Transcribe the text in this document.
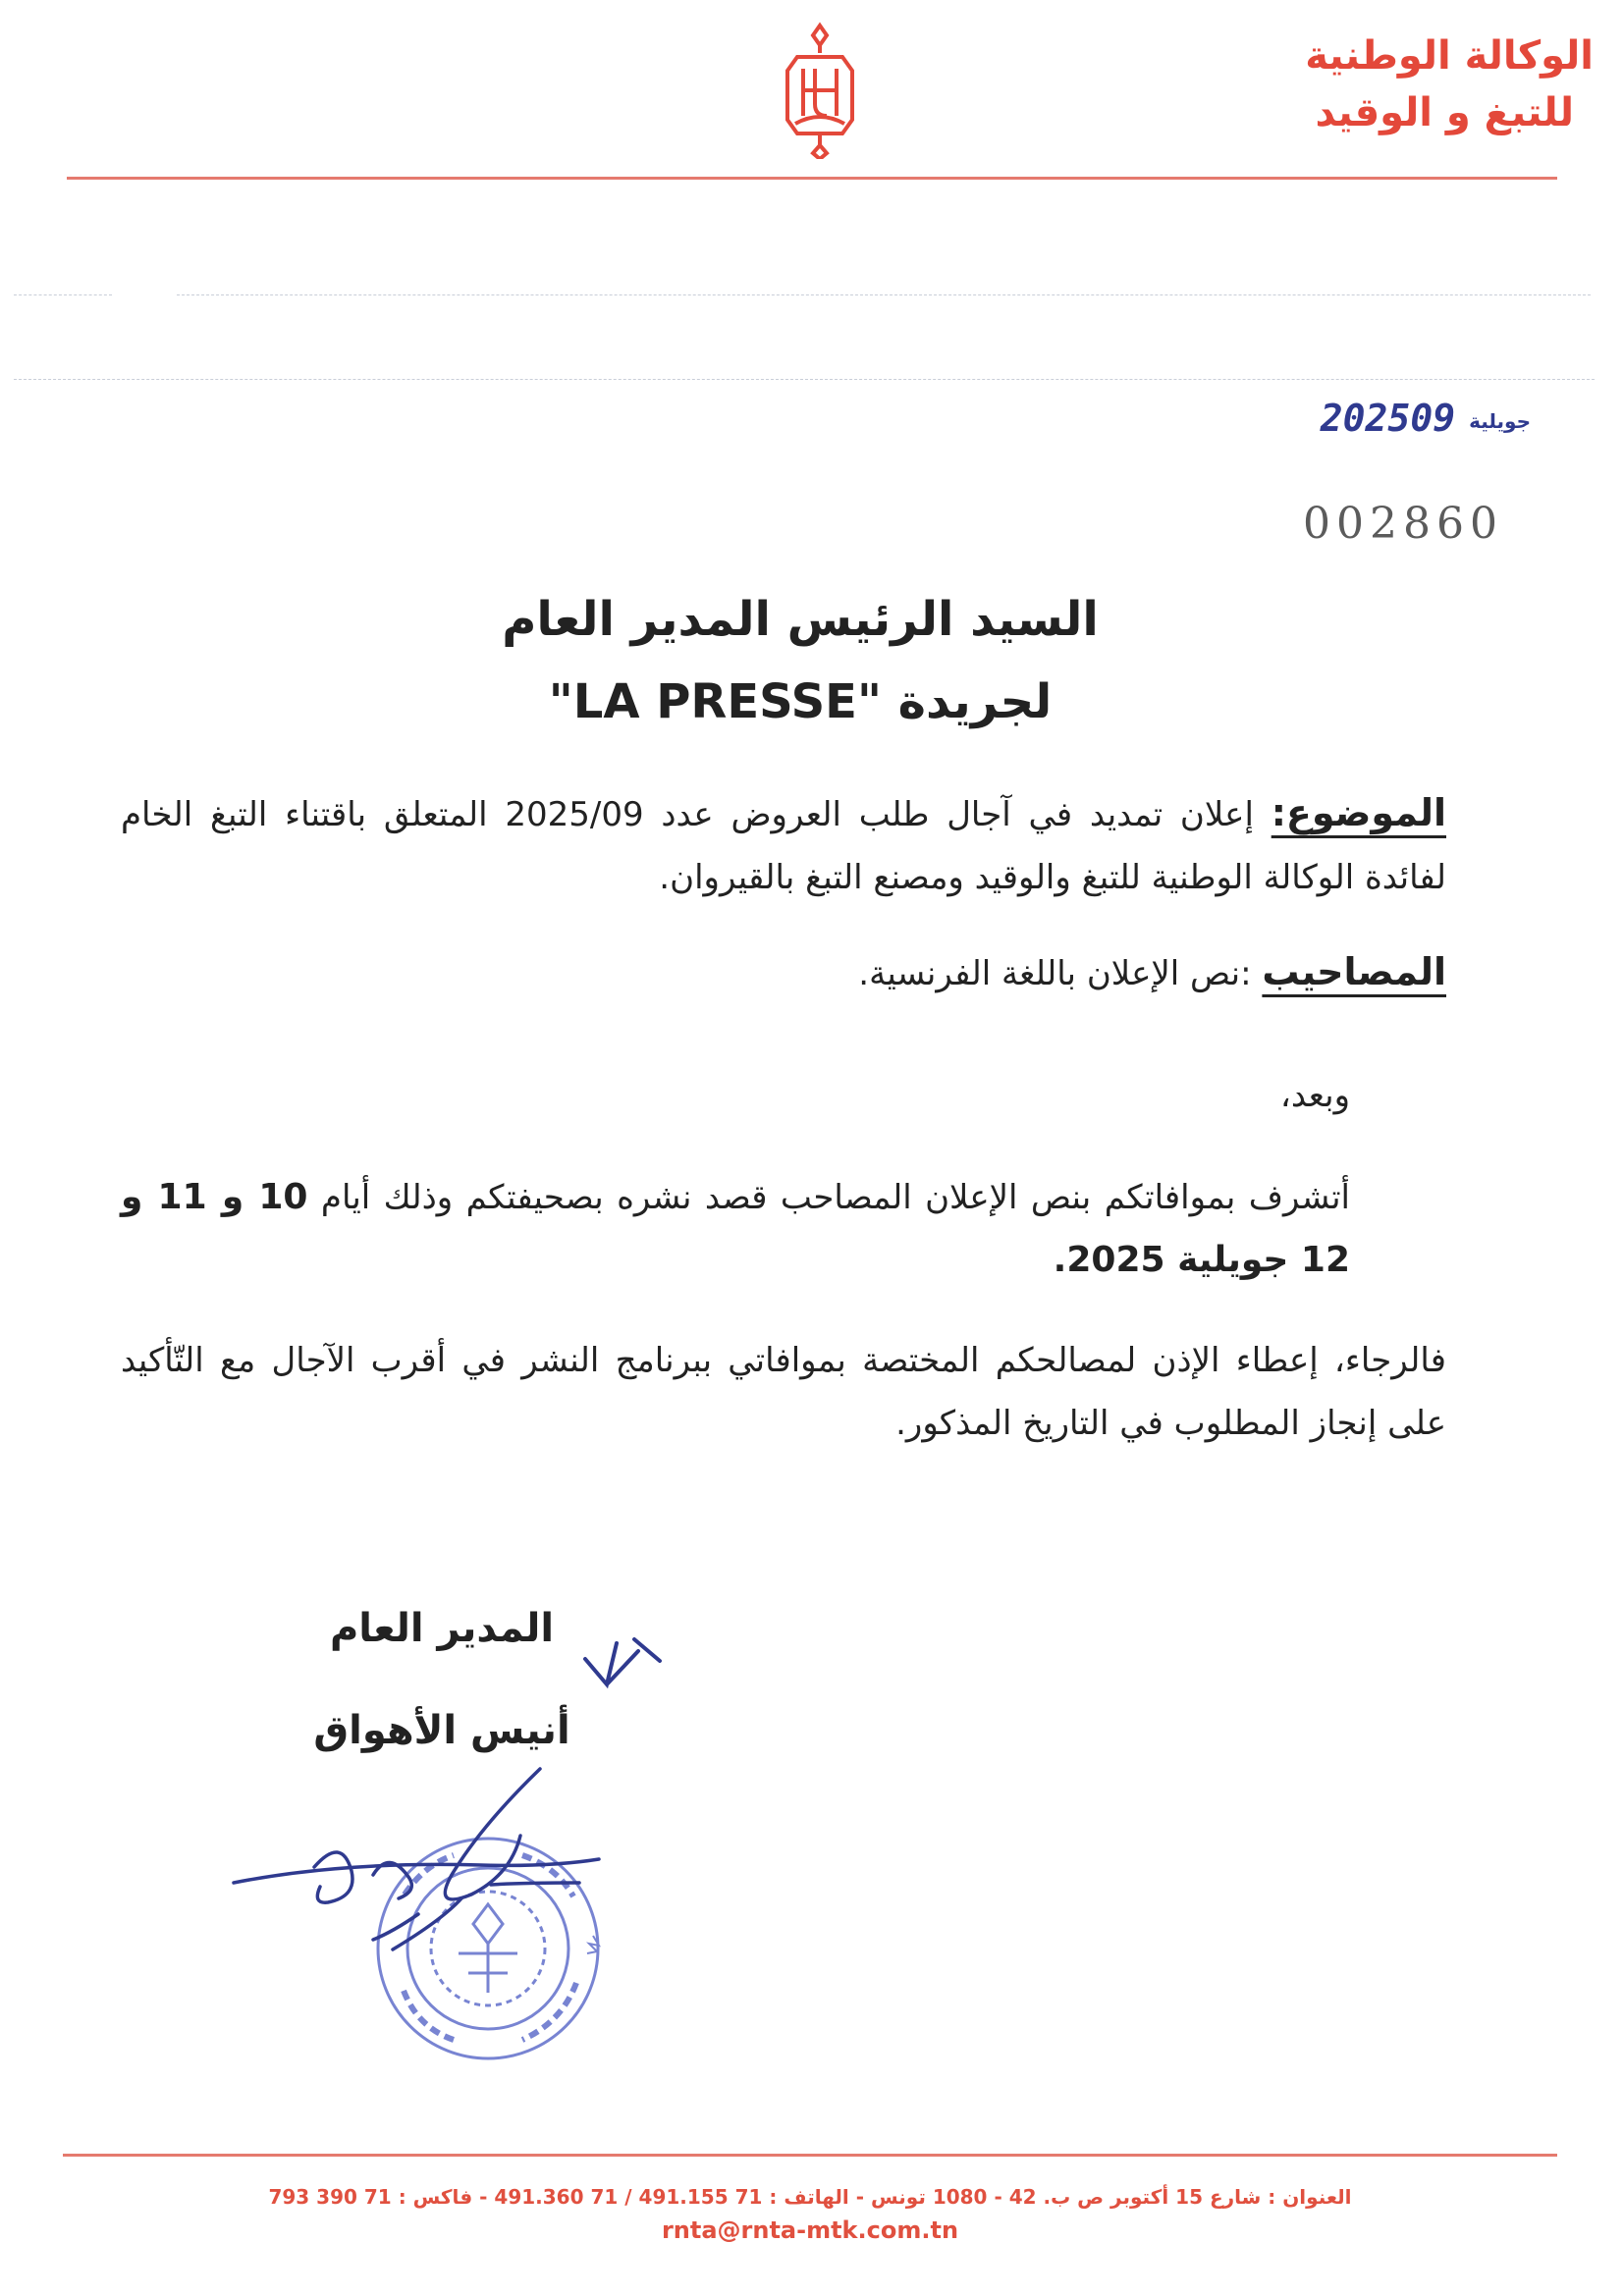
الوكالة الوطنية
للتبغ و الوقيد
2025	جويلية09
002860
السيد الرئيس المدير العام
لجريدة "LA PRESSE"
الموضوع: إعلان تمديد في آجال طلب العروض عدد 2025/09 المتعلق باقتناء التبغ الخام لفائدة الوكالة الوطنية للتبغ والوقيد ومصنع التبغ بالقيروان.
المصاحيب :نص الإعلان باللغة الفرنسية.
وبعد،
أتشرف بموافاتكم بنص الإعلان المصاحب قصد نشره بصحيفتكم وذلك أيام 10 و 11 و 12 جويلية 2025.
فالرجاء، إعطاء الإذن لمصالحكم المختصة بموافاتي ببرنامج النشر في أقرب الآجال مع التّأكيد على إنجاز المطلوب في التاريخ المذكور.
المدير العام
أنيس الأهواق
العنوان : شارع 15 أكتوبر ص ب. 42 - 1080 تونس - الهاتف : 71 491.155 / 71 491.360 - فاكس : 71 390 793
rnta@rnta-mtk.com.tn
